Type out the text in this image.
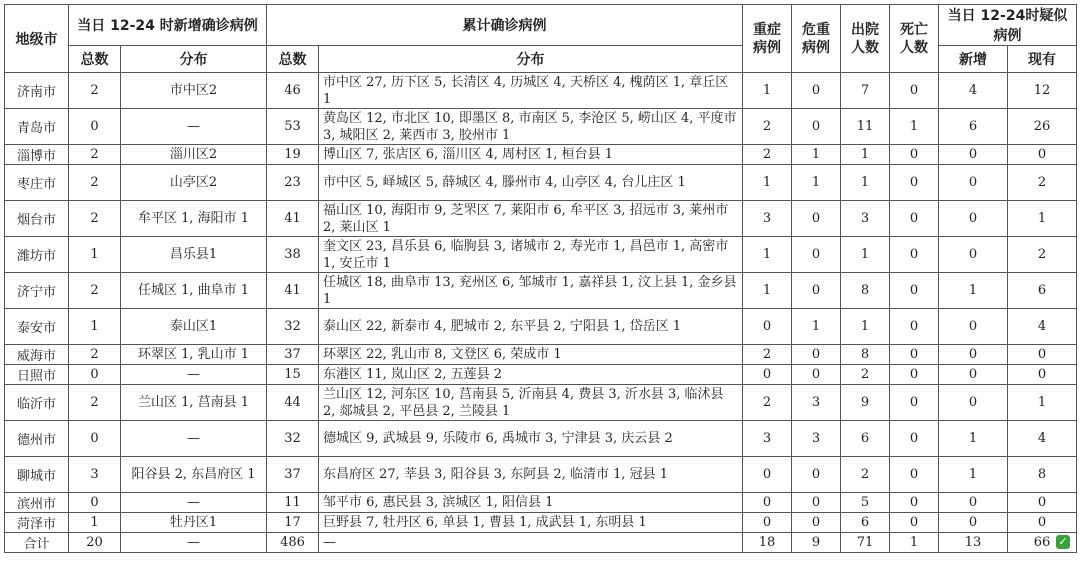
地级市	当日 12-24 时新增确诊病例		累计确诊病例		重症病例	危重病例	出院人数	死亡人数	当日 12-24时疑似病例	
	总数	分布	总数	分布					新增	现有
济南市	2	市中区2	46	市中区 27, 历下区 5, 长清区 4, 历城区 4, 天桥区 4, 槐荫区 1, 章丘区 1	1	0	7	0	4	12
青岛市	0	—	53	黄岛区 12, 市北区 10, 即墨区 8, 市南区 5, 李沧区 5, 崂山区 4, 平度市 3, 城阳区 2, 莱西市 3, 胶州市 1	2	0	11	1	6	26
淄博市	2	淄川区2	19	博山区 7, 张店区 6, 淄川区 4, 周村区 1, 桓台县 1	2	1	1	0	0	0
枣庄市	2	山亭区2	23	市中区 5, 峄城区 5, 薛城区 4, 滕州市 4, 山亭区 4, 台儿庄区 1	1	1	1	0	0	2
烟台市	2	牟平区 1, 海阳市 1	41	福山区 10, 海阳市 9, 芝罘区 7, 莱阳市 6, 牟平区 3, 招远市 3, 莱州市 2, 莱山区 1	3	0	3	0	0	1
潍坊市	1	昌乐县1	38	奎文区 23, 昌乐县 6, 临朐县 3, 诸城市 2, 寿光市 1, 昌邑市 1, 高密市 1, 安丘市 1	1	0	1	0	0	2
济宁市	2	任城区 1, 曲阜市 1	41	任城区 18, 曲阜市 13, 兖州区 6, 邹城市 1, 嘉祥县 1, 汶上县 1, 金乡县 1	1	0	8	0	1	6
泰安市	1	泰山区1	32	泰山区 22, 新泰市 4, 肥城市 2, 东平县 2, 宁阳县 1, 岱岳区 1	0	1	1	0	0	4
威海市	2	环翠区 1, 乳山市 1	37	环翠区 22, 乳山市 8, 文登区 6, 荣成市 1	2	0	8	0	0	0
日照市	0	—	15	东港区 11, 岚山区 2, 五莲县 2	0	0	2	0	0	0
临沂市	2	兰山区 1, 莒南县 1	44	兰山区 12, 河东区 10, 莒南县 5, 沂南县 4, 费县 3, 沂水县 3, 临沭县 2, 郯城县 2, 平邑县 2, 兰陵县 1	2	3	9	0	0	1
德州市	0	—	32	德城区 9, 武城县 9, 乐陵市 6, 禹城市 3, 宁津县 3, 庆云县 2	3	3	6	0	1	4
聊城市	3	阳谷县 2, 东昌府区 1	37	东昌府区 27, 莘县 3, 阳谷县 3, 东阿县 2, 临清市 1, 冠县 1	0	0	2	0	1	8
滨州市	0	—	11	邹平市 6, 惠民县 3, 滨城区 1, 阳信县 1	0	0	5	0	0	0
菏泽市	1	牡丹区1	17	巨野县 7, 牡丹区 6, 单县 1, 曹县 1, 成武县 1, 东明县 1	0	0	6	0	0	0
合计	20	—	486	—	18	9	71	1	13	66 ✓
